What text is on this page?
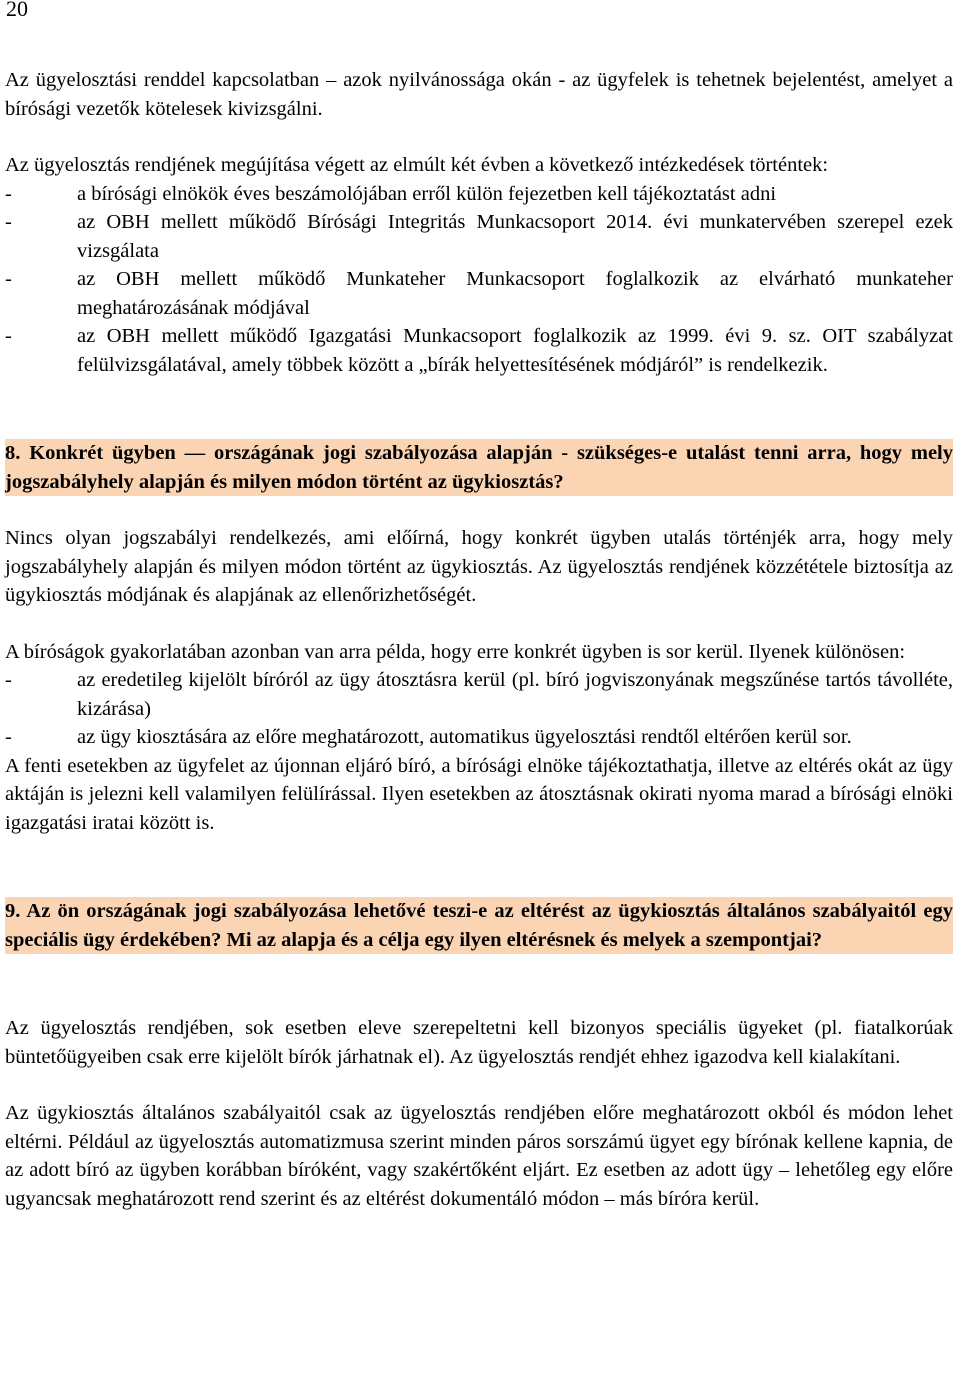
20

Az ügyelosztási renddel kapcsolatban – azok nyilvánossága okán - az ügyfelek is tehetnek bejelentést, amelyet a bírósági vezetők kötelesek kivizsgálni.

Az ügyelosztás rendjének megújítása végett az elmúlt két évben a következő intézkedések történtek:

-	a bírósági elnökök éves beszámolójában erről külön fejezetben kell tájékoztatást adni
-	az OBH mellett működő Bírósági Integritás Munkacsoport 2014. évi munkatervében szerepel ezek vizsgálata
-	az OBH mellett működő Munkateher Munkacsoport foglalkozik az elvárható munkateher meghatározásának módjával
-	az OBH mellett működő Igazgatási Munkacsoport foglalkozik az 1999. évi 9. sz. OIT szabályzat felülvizsgálatával, amely többek között a „bírák helyettesítésének módjáról” is rendelkezik.

8. Konkrét ügyben — országának jogi szabályozása alapján - szükséges-e utalást tenni arra, hogy mely jogszabályhely alapján és milyen módon történt az ügykiosztás?

Nincs olyan jogszabályi rendelkezés, ami előírná, hogy konkrét ügyben utalás történjék arra, hogy mely jogszabályhely alapján és milyen módon történt az ügykiosztás. Az ügyelosztás rendjének közzététele biztosítja az ügykiosztás módjának és alapjának az ellenőrizhetőségét.

A bíróságok gyakorlatában azonban van arra példa, hogy erre konkrét ügyben is sor kerül. Ilyenek különösen:

-	az eredetileg kijelölt bíróról az ügy átosztásra kerül (pl. bíró jogviszonyának megszűnése tartós távolléte, kizárása)
-	az ügy kiosztására az előre meghatározott, automatikus ügyelosztási rendtől eltérően kerül sor.

A fenti esetekben az ügyfelet az újonnan eljáró bíró, a bírósági elnöke tájékoztathatja, illetve az eltérés okát az ügy aktáján is jelezni kell valamilyen felülírással. Ilyen esetekben az átosztásnak okirati nyoma marad a bírósági elnöki igazgatási iratai között is.

9. Az ön országának jogi szabályozása lehetővé teszi-e az eltérést az ügykiosztás általános szabályaitól egy speciális ügy érdekében? Mi az alapja és a célja egy ilyen eltérésnek és melyek a szempontjai?

Az ügyelosztás rendjében, sok esetben eleve szerepeltetni kell bizonyos speciális ügyeket (pl. fiatalkorúak büntetőügyeiben csak erre kijelölt bírók járhatnak el). Az ügyelosztás rendjét ehhez igazodva kell kialakítani.

Az ügykiosztás általános szabályaitól csak az ügyelosztás rendjében előre meghatározott okból és módon lehet eltérni. Például az ügyelosztás automatizmusa szerint minden páros sorszámú ügyet egy bírónak kellene kapnia, de az adott bíró az ügyben korábban bíróként, vagy szakértőként eljárt. Ez esetben az adott ügy – lehetőleg egy előre ugyancsak meghatározott rend szerint és az eltérést dokumentáló módon – más bíróra kerül.
